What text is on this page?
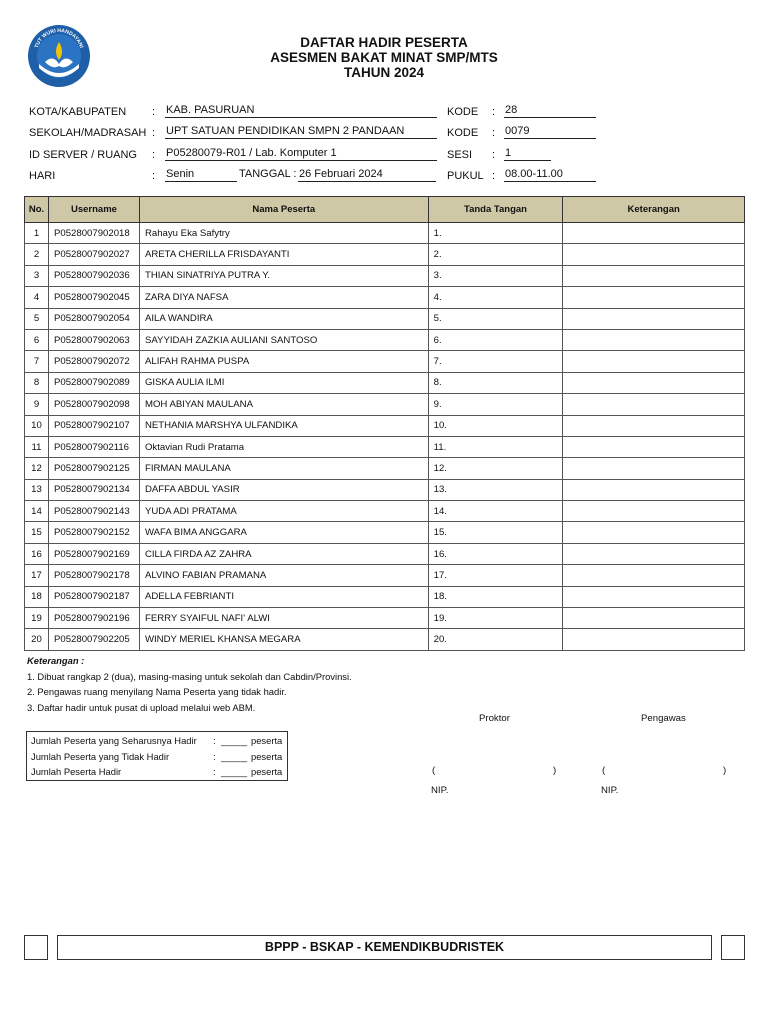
TUT WURI HANDAYANI	DAFTAR HADIR PESERTA
ASESMEN BAKAT MINAT SMP/MTS
TAHUN 2024
KOTA/KABUPATEN : KAB. PASURUAN
SEKOLAH/MADRASAH : UPT SATUAN PENDIDIKAN SMPN 2 PANDAAN
ID SERVER / RUANG : P05280079-R01 / Lab. Komputer 1
HARI	: Senin	TANGGAL : 26 Februari 2024
KODE : 28
KODE : 0079
SESI : 1
PUKUL : 08.00-11.00
No.	Username	Nama Peserta	Tanda Tangan	Keterangan
1	P0528007902018	Rahayu Eka Safytry	1.	
2	P0528007902027	ARETA CHERILLA FRISDAYANTI	2.	
3	P0528007902036	THIAN SINATRIYA PUTRA Y.	3.	
4	P0528007902045	ZARA DIYA NAFSA	4.	
5	P0528007902054	AILA WANDIRA	5.	
6	P0528007902063	SAYYIDAH ZAZKIA AULIANI SANTOSO	6.	
7	P0528007902072	ALIFAH RAHMA PUSPA	7.	
8	P0528007902089	GISKA AULIA ILMI	8.	
9	P0528007902098	MOH ABIYAN MAULANA	9.	
10	P0528007902107	NETHANIA MARSHYA ULFANDIKA	10.	
11	P0528007902116	Oktavian Rudi Pratama	11.	
12	P0528007902125	FIRMAN MAULANA	12.	
13	P0528007902134	DAFFA ABDUL YASIR	13.	
14	P0528007902143	YUDA ADI PRATAMA	14.	
15	P0528007902152	WAFA BIMA ANGGARA	15.	
16	P0528007902169	CILLA FIRDA AZ ZAHRA	16.	
17	P0528007902178	ALVINO FABIAN PRAMANA	17.	
18	P0528007902187	ADELLA FEBRIANTI	18.	
19	P0528007902196	FERRY SYAIFUL NAFI' ALWI	19.	
20	P0528007902205	WINDY MERIEL KHANSA MEGARA	20.	
Keterangan :
1. Dibuat rangkap 2 (dua), masing-masing untuk sekolah dan Cabdin/Provinsi.
2. Pengawas ruang menyilang Nama Peserta yang tidak hadir.
3. Daftar hadir untuk pusat di upload melalui web ABM.
Jumlah Peserta yang Seharusnya Hadir : _____ peserta
Jumlah Peserta yang Tidak Hadir	: _____ peserta
Jumlah Peserta Hadir	: _____ peserta
Proktor	Pengawas
(	)	(	)
NIP.	NIP.
BPPP - BSKAP - KEMENDIKBUDRISTEK
